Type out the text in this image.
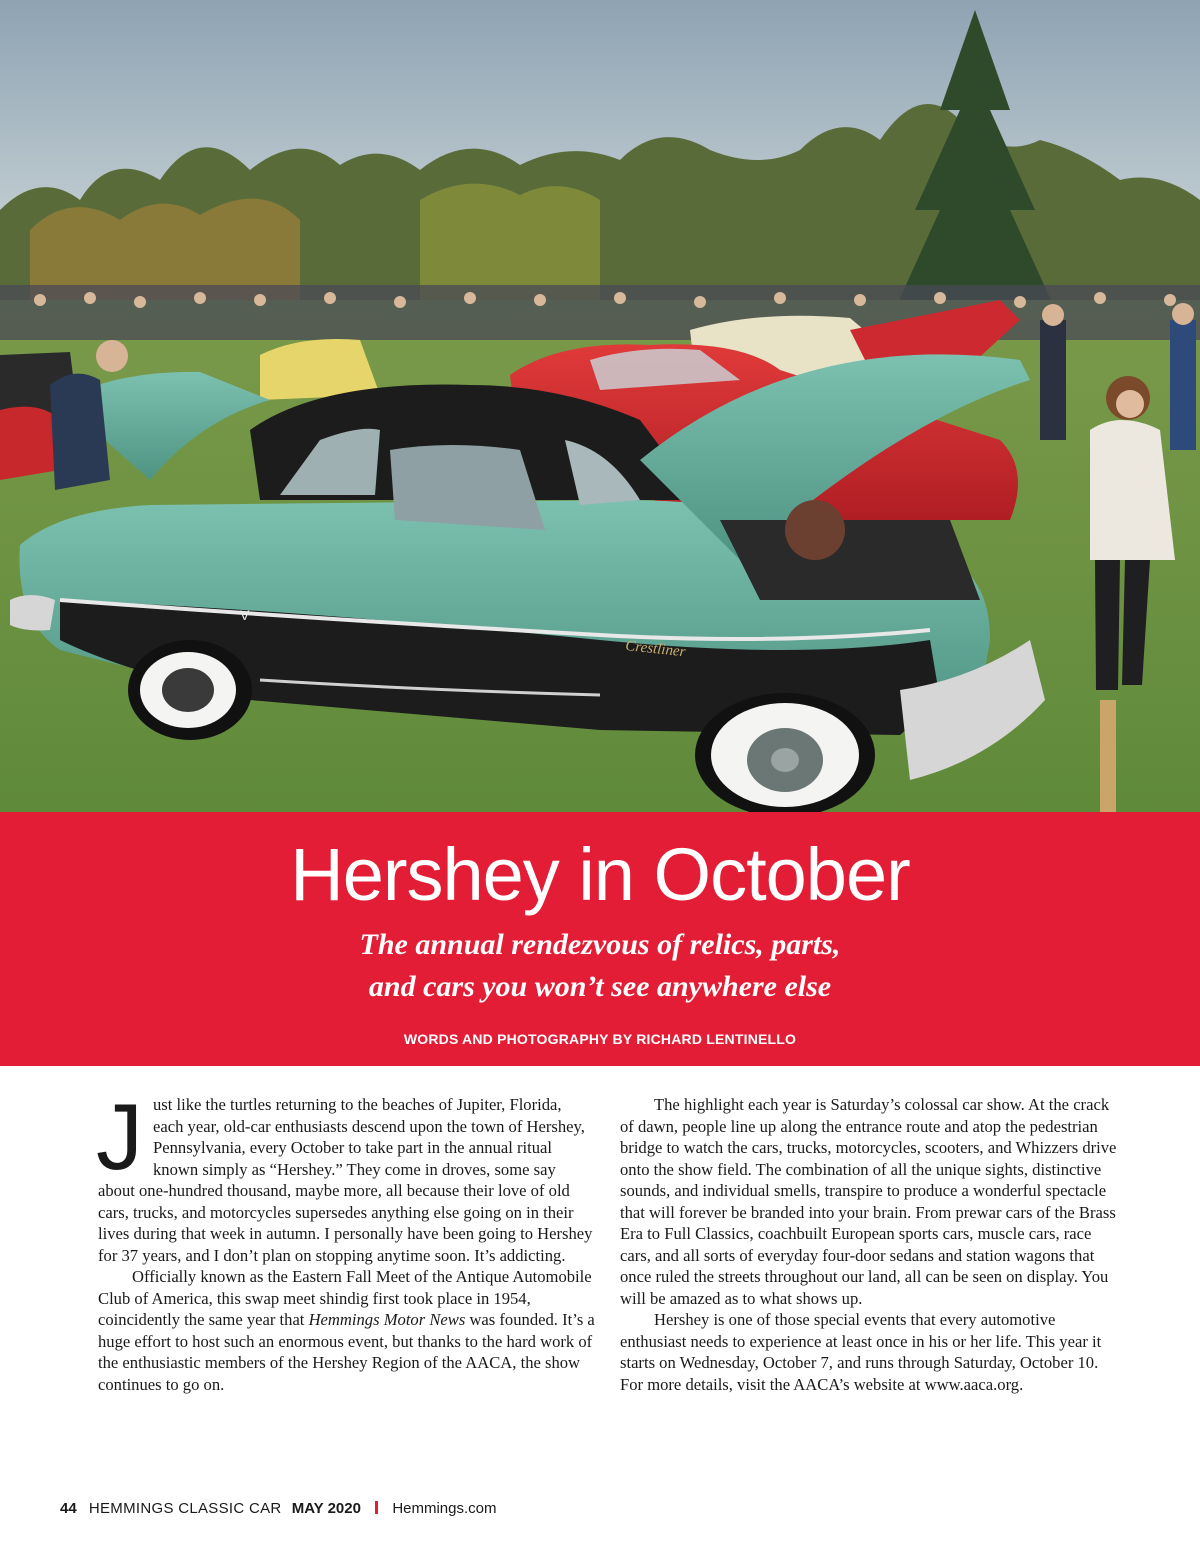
V
Crestliner
Hershey in October
The annual rendezvous of relics, parts,
and cars you won’t see anywhere else
WORDS AND PHOTOGRAPHY BY RICHARD LENTINELLO

Just like the turtles returning to the beaches of Jupiter, Florida, each year, old-car enthusiasts descend upon the town of Hershey, Pennsylvania, every October to take part in the annual ritual known simply as “Hershey.” They come in droves, some say about one-hundred thousand, maybe more, all because their love of old cars, trucks, and motorcycles supersedes anything else going on in their lives during that week in autumn. I personally have been going to Hershey for 37 years, and I don’t plan on stopping anytime soon. It’s addicting.

Officially known as the Eastern Fall Meet of the Antique Automobile Club of America, this swap meet shindig first took place in 1954, coincidently the same year that Hemmings Motor News was founded. It’s a huge effort to host such an enormous event, but thanks to the hard work of the enthusiastic members of the Hershey Region of the AACA, the show continues to go on.

The highlight each year is Saturday’s colossal car show. At the crack of dawn, people line up along the entrance route and atop the pedestrian bridge to watch the cars, trucks, motorcycles, scooters, and Whizzers drive onto the show field. The combination of all the unique sights, distinctive sounds, and individual smells, transpire to produce a wonderful spectacle that will forever be branded into your brain. From prewar cars of the Brass Era to Full Classics, coachbuilt European sports cars, muscle cars, race cars, and all sorts of everyday four-door sedans and station wagons that once ruled the streets throughout our land, all can be seen on display. You will be amazed as to what shows up.

Hershey is one of those special events that every automotive enthusiast needs to experience at least once in his or her life. This year it starts on Wednesday, October 7, and runs through Saturday, October 10. For more details, visit the AACA’s website at www.aaca.org.

44 HEMMINGS CLASSIC CAR MAY 2020 Hemmings.com
